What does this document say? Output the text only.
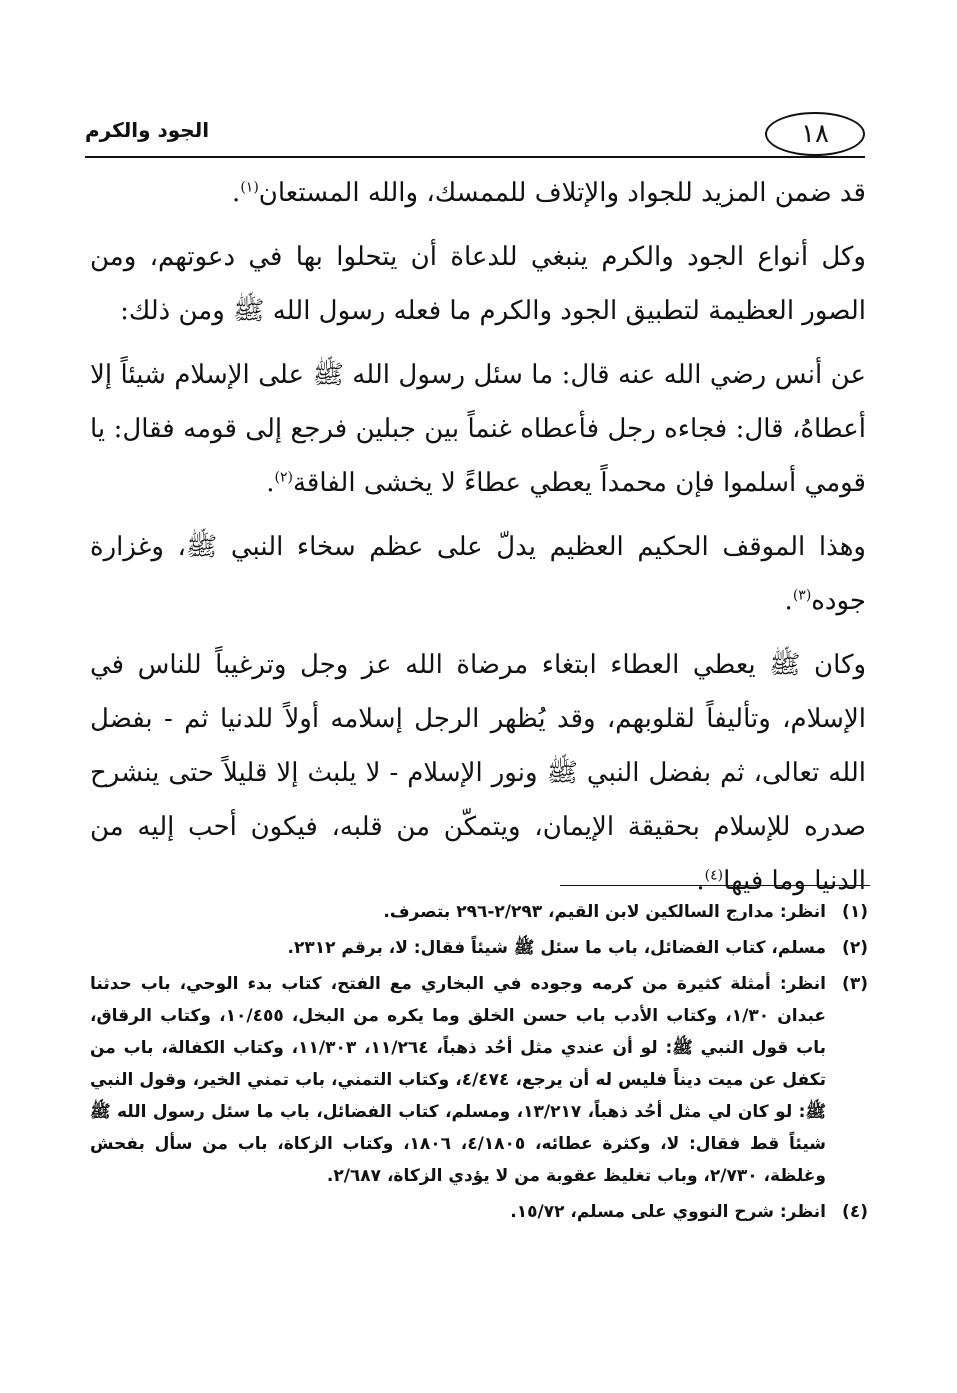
الجود والكرم	١٨

قد ضمن المزيد للجواد والإتلاف للممسك، والله المستعان$^{(١)}$.

وكل أنواع الجود والكرم ينبغي للدعاة أن يتحلوا بها في دعوتهم، ومن الصور العظيمة لتطبيق الجود والكرم ما فعله رسول الله ﷺ ومن ذلك:

عن أنس رضي الله عنه قال: ما سئل رسول الله ﷺ على الإسلام شيئاً إلا أعطاهُ، قال: فجاءه رجل فأعطاه غنماً بين جبلين فرجع إلى قومه فقال: يا قومي أسلموا فإن محمداً يعطي عطاءً لا يخشى الفاقة$^{(٢)}$.

وهذا الموقف الحكيم العظيم يدلّ على عظم سخاء النبي ﷺ، وغزارة جوده$^{(٣)}$.

وكان ﷺ يعطي العطاء ابتغاء مرضاة الله عز وجل وترغيباً للناس في الإسلام، وتأليفاً لقلوبهم، وقد يُظهر الرجل إسلامه أولاً للدنيا ثم - بفضل الله تعالى، ثم بفضل النبي ﷺ ونور الإسلام - لا يلبث إلا قليلاً حتى ينشرح صدره للإسلام بحقيقة الإيمان، ويتمكّن من قلبه، فيكون أحب إليه من الدنيا وما فيها$^{(٤)}$.

(١)
انظر: مدارج السالكين لابن القيم، ٢/٢٩٣-٢٩٦ بتصرف.
(٢)
مسلم، كتاب الفضائل، باب ما سئل ﷺ شيئاً فقال: لا، برقم ٢٣١٢.
(٣)
انظر: أمثلة كثيرة من كرمه وجوده في البخاري مع الفتح، كتاب بدء الوحي، باب حدثنا عبدان ١/٣٠، وكتاب الأدب باب حسن الخلق وما يكره من البخل، ١٠/٤٥٥، وكتاب الرقاق، باب قول النبي ﷺ: لو أن عندي مثل أحُد ذهباً، ١١/٢٦٤، ١١/٣٠٣، وكتاب الكفالة، باب من تكفل عن ميت ديناً فليس له أن يرجع، ٤/٤٧٤، وكتاب التمني، باب تمني الخير، وقول النبي ﷺ: لو كان لي مثل أحُد ذهباً، ١٣/٢١٧، ومسلم، كتاب الفضائل، باب ما سئل رسول الله ﷺ شيئاً قط فقال: لا، وكثرة عطائه، ٤/١٨٠٥، ١٨٠٦، وكتاب الزكاة، باب من سأل بفحش وغلظة، ٢/٧٣٠، وباب تغليظ عقوبة من لا يؤدي الزكاة، ٢/٦٨٧.
(٤)
انظر: شرح النووي على مسلم، ١٥/٧٢.
